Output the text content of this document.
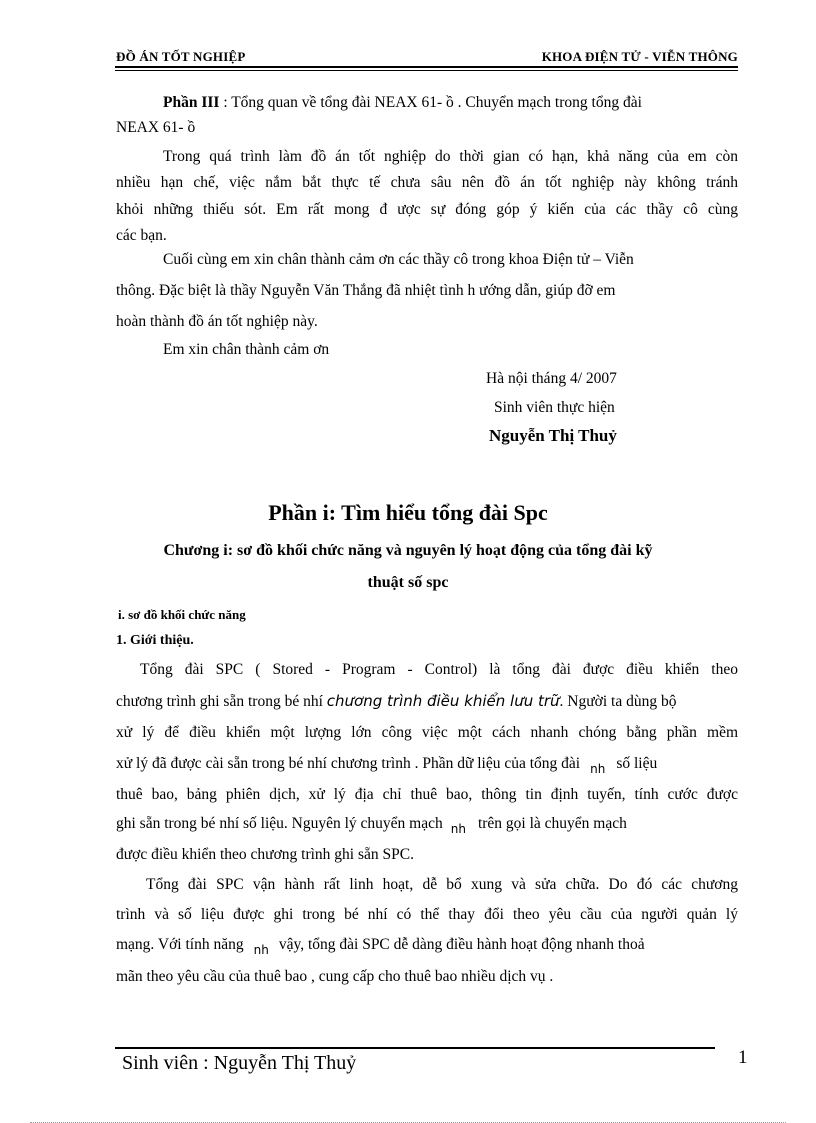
ĐỒ ÁN TỐT NGHIỆP	KHOA ĐIỆN TỬ - VIỄN THÔNG
Phần III : Tổng quan về tổng đài NEAX 61- ồ . Chuyển mạch trong tổng đài
NEAX 61- ồ
Trong quá trình làm đồ án tốt nghiệp do thời gian có hạn, khả năng của em còn
nhiều hạn chế, việc nắm bắt thực tế chưa sâu nên đồ án tốt nghiệp này không tránh
khỏi những thiếu sót. Em rất mong đ ược sự đóng góp ý kiến của các thầy cô cùng
các bạn.
Cuối cùng em xin chân thành cảm ơn các thầy cô trong khoa Điện tử – Viễn
thông. Đặc biệt là thầy Nguyễn Văn Thắng đã nhiệt tình h ướng dẫn, giúp đỡ em
hoàn thành đồ án tốt nghiệp này.
Em xin chân thành cảm ơn
Hà nội tháng 4/ 2007
Sinh viên thực hiện
Nguyễn Thị Thuỷ
Phần i: Tìm hiểu tổng đài Spc
Chương i: sơ đồ khối chức năng và nguyên lý hoạt động của tổng đài kỹ
thuật số spc
i. sơ đồ khối chức năng
1. Giới thiệu.
Tổng đài SPC ( Stored - Program - Control) là tổng đài được điều khiển theo
chương trình ghi sẵn trong bé nhí chương trình điều khiển lưu trữ. Người ta dùng bộ
xử lý để điều khiển một lượng lớn công việc một cách nhanh chóng bằng phần mềm
xử lý đã được cài sẵn trong bé nhí chương trình . Phần dữ liệu của tổng đài $_{nh}$ số liệu
thuê bao, bảng phiên dịch, xử lý địa chỉ thuê bao, thông tin định tuyến, tính cước được
ghi sẵn trong bé nhí số liệu. Nguyên lý chuyển mạch $_{nh}$ trên gọi là chuyển mạch
được điều khiển theo chương trình ghi sẵn SPC.
Tổng đài SPC vận hành rất linh hoạt, dễ bổ xung và sửa chữa. Do đó các chương
trình và số liệu được ghi trong bé nhí có thể thay đổi theo yêu cầu của người quản lý
mạng. Với tính năng $_{nh}$ vậy, tổng đài SPC dễ dàng điều hành hoạt động nhanh thoả
mãn theo yêu cầu của thuê bao , cung cấp cho thuê bao nhiều dịch vụ .
Sinh viên : Nguyễn Thị Thuỷ	1
